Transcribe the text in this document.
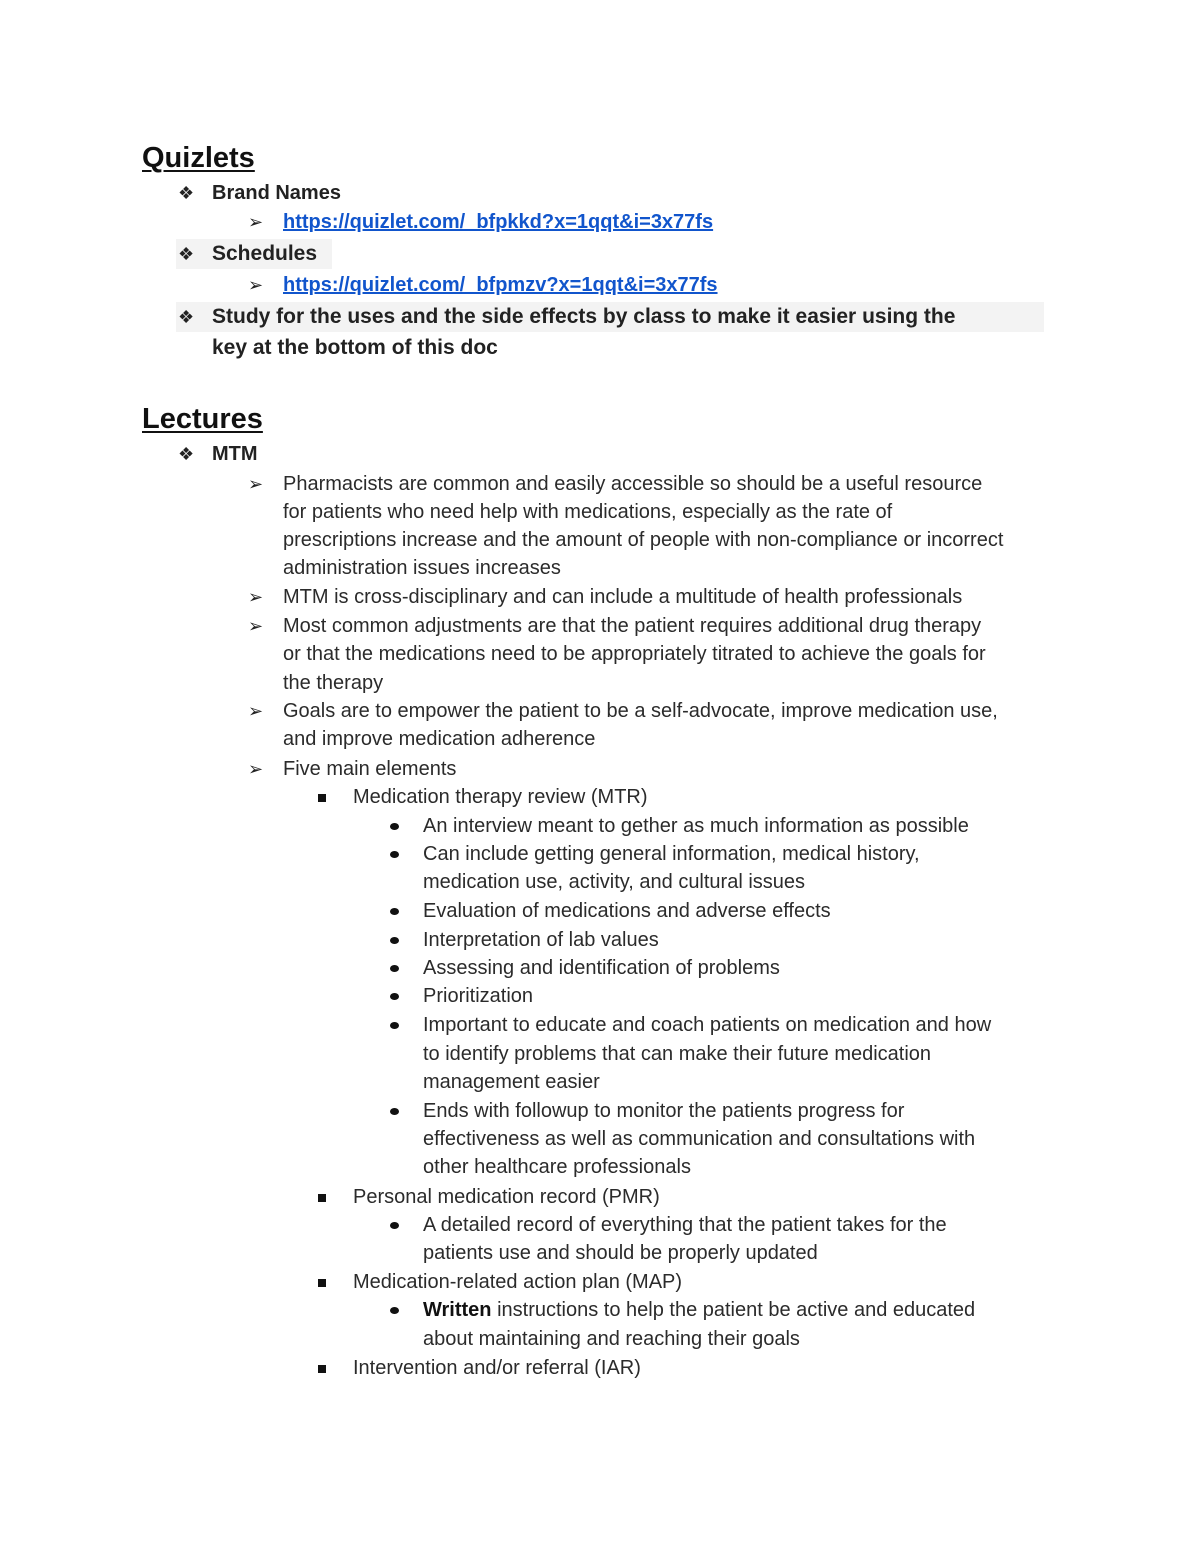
Quizlets
❖ Brand Names
➢ https://quizlet.com/_bfpkkd?x=1qqt&i=3x77fs
❖ Schedules
➢ https://quizlet.com/_bfpmzv?x=1qqt&i=3x77fs
❖ Study for the uses and the side effects by class to make it easier using the
key at the bottom of this doc
Lectures
❖ MTM
➢ Pharmacists are common and easily accessible so should be a useful resource
for patients who need help with medications, especially as the rate of
prescriptions increase and the amount of people with non-compliance or incorrect
administration issues increases
➢ MTM is cross-disciplinary and can include a multitude of health professionals
➢ Most common adjustments are that the patient requires additional drug therapy
or that the medications need to be appropriately titrated to achieve the goals for
the therapy
➢ Goals are to empower the patient to be a self-advocate, improve medication use,
and improve medication adherence
➢ Five main elements
Medication therapy review (MTR)
An interview meant to gether as much information as possible
Can include getting general information, medical history,
medication use, activity, and cultural issues
Evaluation of medications and adverse effects
Interpretation of lab values
Assessing and identification of problems
Prioritization
Important to educate and coach patients on medication and how
to identify problems that can make their future medication
management easier
Ends with followup to monitor the patients progress for
effectiveness as well as communication and consultations with
other healthcare professionals
Personal medication record (PMR)
A detailed record of everything that the patient takes for the
patients use and should be properly updated
Medication-related action plan (MAP)
Written instructions to help the patient be active and educated
about maintaining and reaching their goals
Intervention and/or referral (IAR)
